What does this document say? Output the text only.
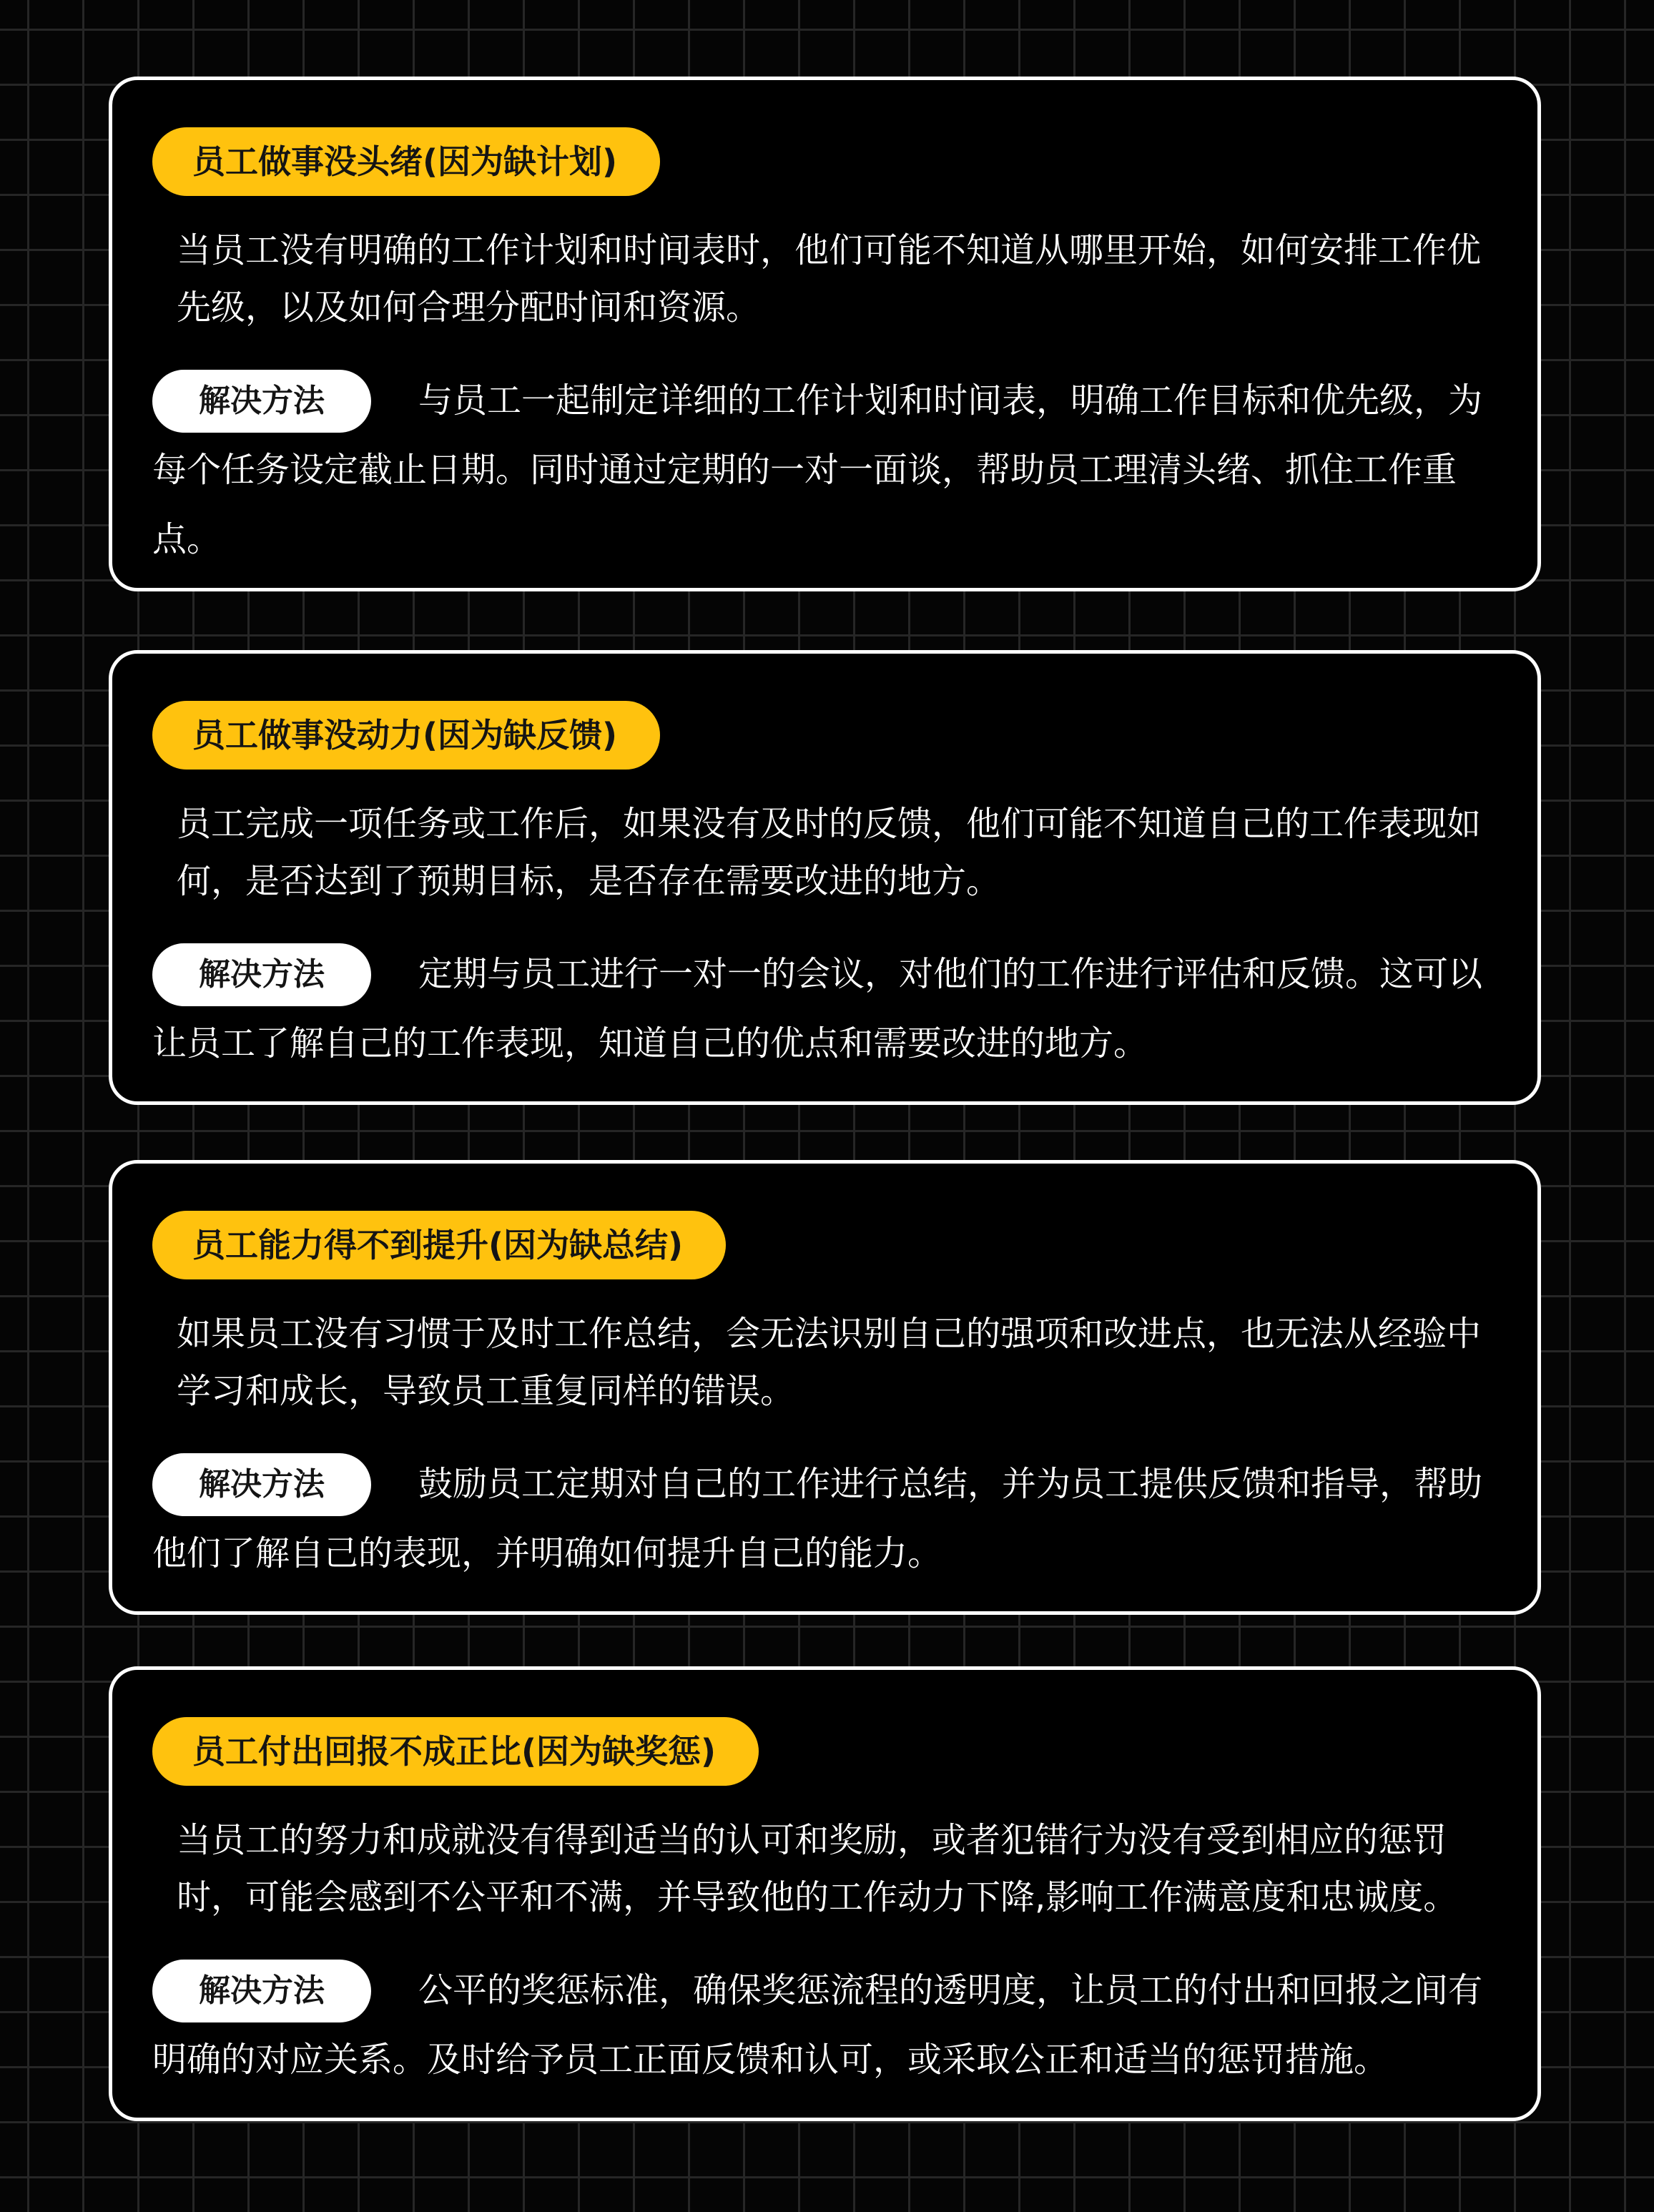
员工做事没头绪(因为缺计划)
当员工没有明确的工作计划和时间表时，他们可能不知道从哪里开始，如何安排工作优先级，以及如何合理分配时间和资源。
解决方法	与员工一起制定详细的工作计划和时间表，明确工作目标和优先级，为每个任务设定截止日期。同时通过定期的一对一面谈，帮助员工理清头绪、抓住工作重点。
员工做事没动力(因为缺反馈)
员工完成一项任务或工作后，如果没有及时的反馈，他们可能不知道自己的工作表现如何，是否达到了预期目标，是否存在需要改进的地方。
解决方法	定期与员工进行一对一的会议，对他们的工作进行评估和反馈。这可以让员工了解自己的工作表现，知道自己的优点和需要改进的地方。
员工能力得不到提升(因为缺总结)
如果员工没有习惯于及时工作总结，会无法识别自己的强项和改进点，也无法从经验中学习和成长，导致员工重复同样的错误。
解决方法	鼓励员工定期对自己的工作进行总结，并为员工提供反馈和指导，帮助他们了解自己的表现，并明确如何提升自己的能力。
员工付出回报不成正比(因为缺奖惩)
当员工的努力和成就没有得到适当的认可和奖励，或者犯错行为没有受到相应的惩罚时，可能会感到不公平和不满，并导致他的工作动力下降,影响工作满意度和忠诚度。
解决方法	公平的奖惩标准，确保奖惩流程的透明度，让员工的付出和回报之间有明确的对应关系。及时给予员工正面反馈和认可，或采取公正和适当的惩罚措施。
